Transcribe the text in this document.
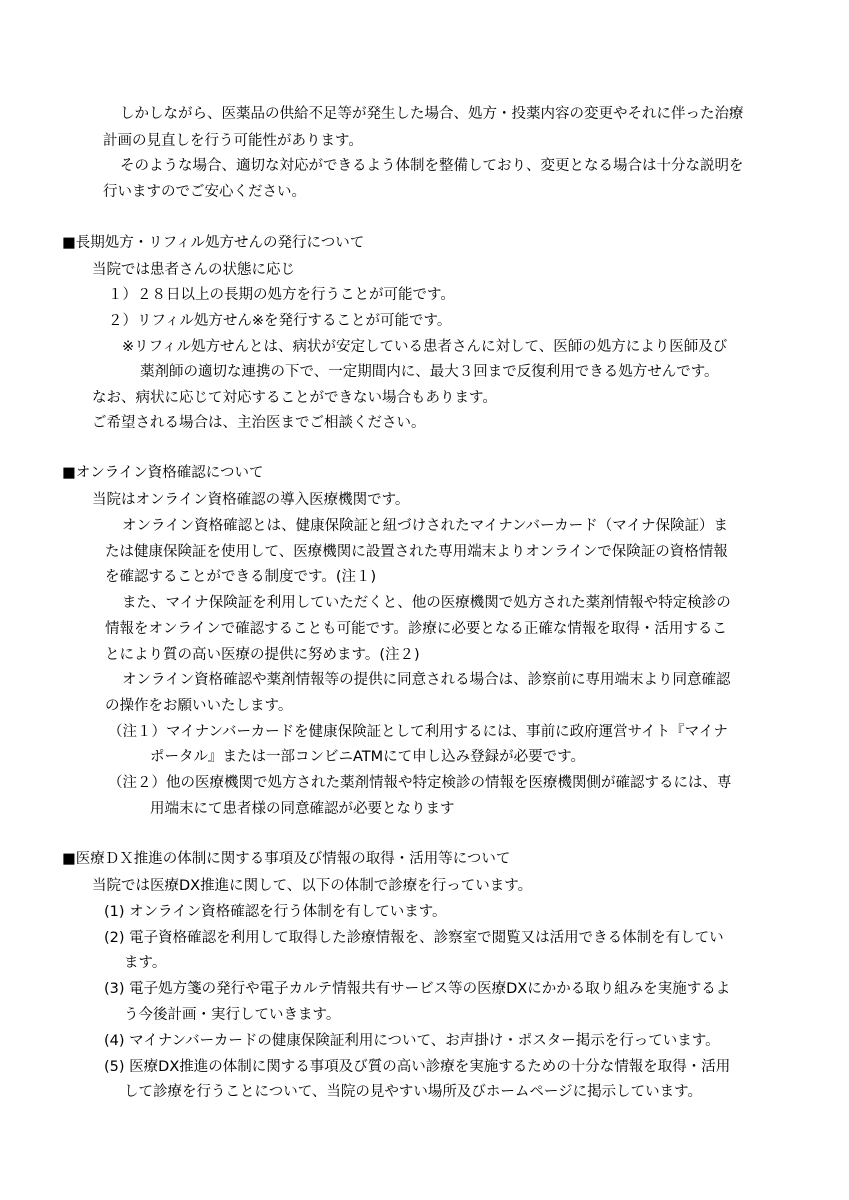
しかしながら、医薬品の供給不足等が発生した場合、処方・投薬内容の変更やそれに伴った治療
計画の見直しを行う可能性があります。
そのような場合、適切な対応ができるよう体制を整備しており、変更となる場合は十分な説明を
行いますのでご安心ください。
■長期処方・リフィル処方せんの発行について
当院では患者さんの状態に応じ
１）２８日以上の長期の処方を行うことが可能です。
２）リフィル処方せん※を発行することが可能です。
※リフィル処方せんとは、病状が安定している患者さんに対して、医師の処方により医師及び
薬剤師の適切な連携の下で、一定期間内に、最大３回まで反復利用できる処方せんです。
なお、病状に応じて対応することができない場合もあります。
ご希望される場合は、主治医までご相談ください。
■オンライン資格確認について
当院はオンライン資格確認の導入医療機関です。
オンライン資格確認とは、健康保険証と紐づけされたマイナンバーカード（マイナ保険証）ま
たは健康保険証を使用して、医療機関に設置された専用端末よりオンラインで保険証の資格情報
を確認することができる制度です。(注１)
また、マイナ保険証を利用していただくと、他の医療機関で処方された薬剤情報や特定検診の
情報をオンラインで確認することも可能です。診療に必要となる正確な情報を取得・活用するこ
とにより質の高い医療の提供に努めます。(注２)
オンライン資格確認や薬剤情報等の提供に同意される場合は、診察前に専用端末より同意確認
の操作をお願いいたします。
（注１）マイナンバーカードを健康保険証として利用するには、事前に政府運営サイト『マイナ
ポータル』または一部コンビニATMにて申し込み登録が必要です。
（注２）他の医療機関で処方された薬剤情報や特定検診の情報を医療機関側が確認するには、専
用端末にて患者様の同意確認が必要となります
■医療ＤＸ推進の体制に関する事項及び情報の取得・活用等について
当院では医療DX推進に関して、以下の体制で診療を行っています。
(1) オンライン資格確認を行う体制を有しています。
(2) 電子資格確認を利用して取得した診療情報を、診察室で閲覧又は活用できる体制を有してい
ます。
(3) 電子処方箋の発行や電子カルテ情報共有サービス等の医療DXにかかる取り組みを実施するよ
う今後計画・実行していきます。
(4) マイナンバーカードの健康保険証利用について、お声掛け・ポスター掲示を行っています。
(5) 医療DX推進の体制に関する事項及び質の高い診療を実施するための十分な情報を取得・活用
して診療を行うことについて、当院の見やすい場所及びホームページに掲示しています。
